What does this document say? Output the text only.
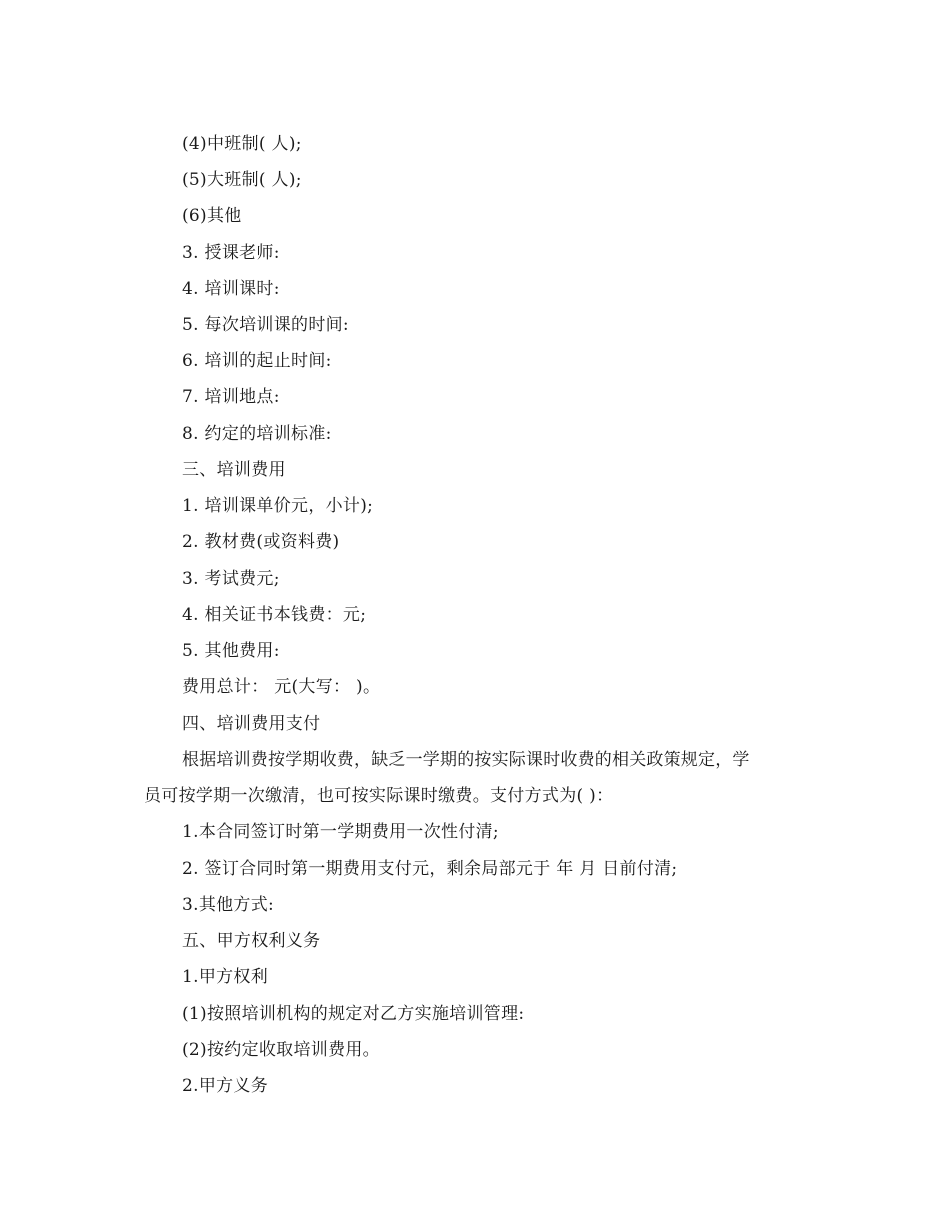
(4)中班制( 人);
(5)大班制( 人);
(6)其他
3. 授课老师:
4. 培训课时:
5. 每次培训课的时间:
6. 培训的起止时间:
7. 培训地点:
8. 约定的培训标准:
三、培训费用
1. 培训课单价元，小计);
2. 教材费(或资料费)
3. 考试费元;
4. 相关证书本钱费：元;
5. 其他费用:
费用总计： 元(大写： )。
四、培训费用支付
根据培训费按学期收费，缺乏一学期的按实际课时收费的相关政策规定，学
员可按学期一次缴清，也可按实际课时缴费。支付方式为( )：
1.本合同签订时第一学期费用一次性付清;
2. 签订合同时第一期费用支付元，剩余局部元于 年 月 日前付清;
3.其他方式:
五、甲方权利义务
1.甲方权利
(1)按照培训机构的规定对乙方实施培训管理:
(2)按约定收取培训费用。
2.甲方义务
